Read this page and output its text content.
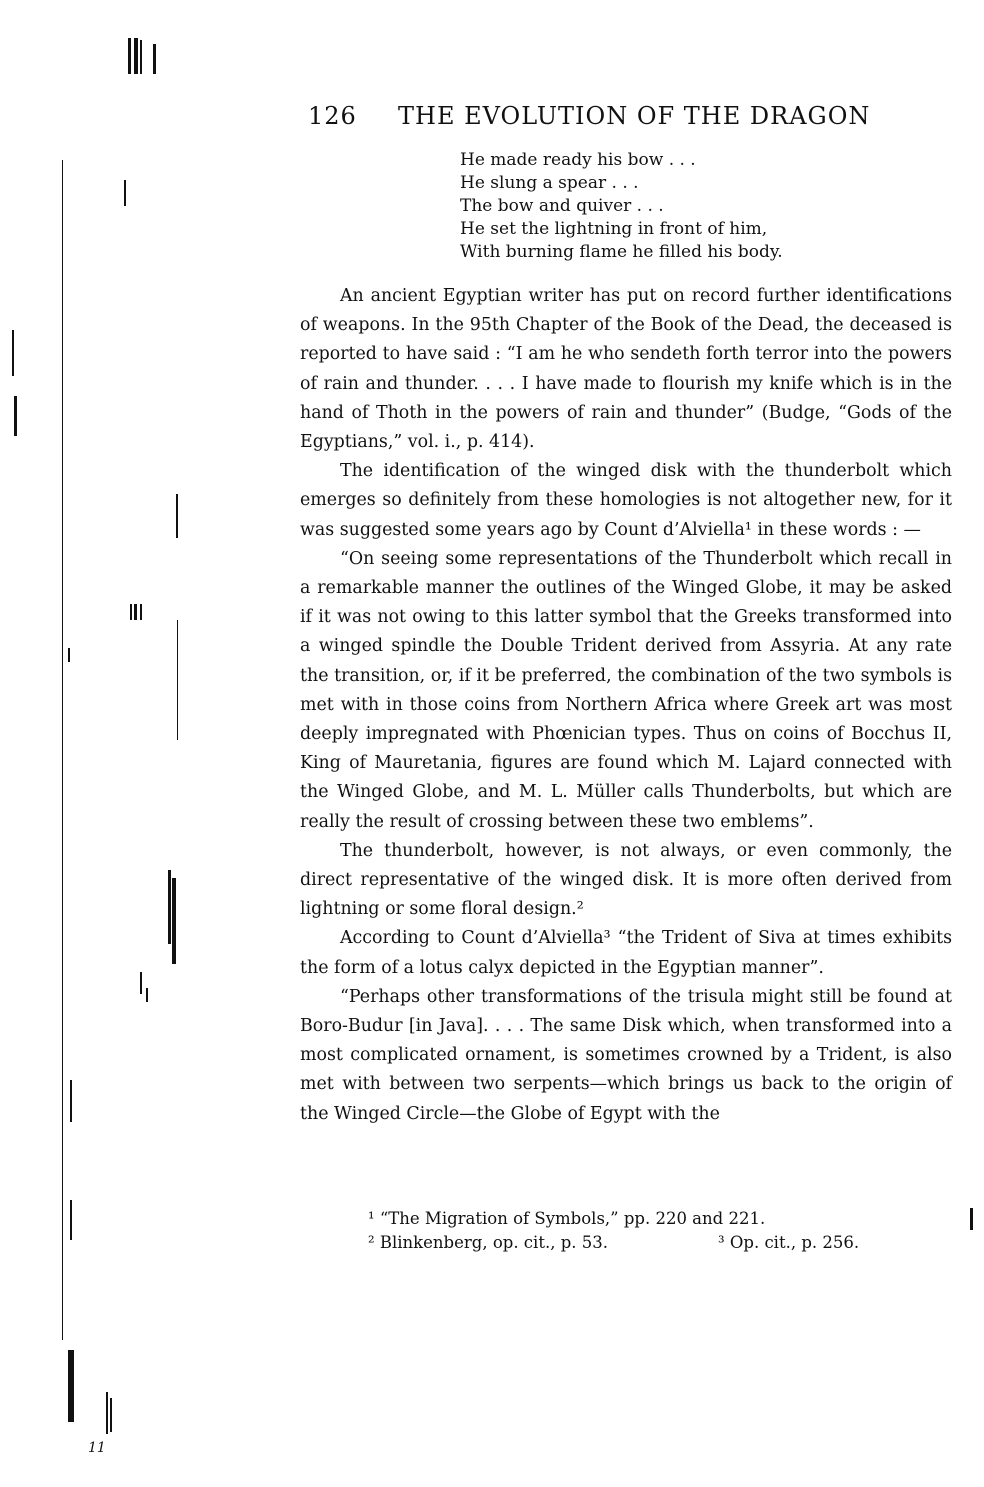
126 THE EVOLUTION OF THE DRAGON
He made ready his bow . . .
He slung a spear . . .
The bow and quiver . . .
He set the lightning in front of him,
With burning flame he filled his body.

An ancient Egyptian writer has put on record further identifications of weapons. In the 95th Chapter of the Book of the Dead, the deceased is reported to have said : “I am he who sendeth forth terror into the powers of rain and thunder. . . . I have made to flourish my knife which is in the hand of Thoth in the powers of rain and thunder” (Budge, “Gods of the Egyptians,” vol. i., p. 414).

The identification of the winged disk with the thunderbolt which emerges so definitely from these homologies is not altogether new, for it was suggested some years ago by Count d’Alviella¹ in these words : —

“On seeing some representations of the Thunderbolt which recall in a remarkable manner the outlines of the Winged Globe, it may be asked if it was not owing to this latter symbol that the Greeks transformed into a winged spindle the Double Trident derived from Assyria. At any rate the transition, or, if it be preferred, the combination of the two symbols is met with in those coins from Northern Africa where Greek art was most deeply impregnated with Phœnician types. Thus on coins of Bocchus II, King of Mauretania, figures are found which M. Lajard connected with the Winged Globe, and M. L. Müller calls Thunderbolts, but which are really the result of crossing between these two emblems”.

The thunderbolt, however, is not always, or even commonly, the direct representative of the winged disk. It is more often derived from lightning or some floral design.²

According to Count d’Alviella³ “the Trident of Siva at times exhibits the form of a lotus calyx depicted in the Egyptian manner”.

“Perhaps other transformations of the trisula might still be found at Boro-Budur [in Java]. . . . The same Disk which, when transformed into a most complicated ornament, is sometimes crowned by a Trident, is also met with between two serpents—which brings us back to the origin of the Winged Circle—the Globe of Egypt with the

¹ “The Migration of Symbols,” pp. 220 and 221.
² Blinkenberg, op. cit., p. 53.	³ Op. cit., p. 256.
11
